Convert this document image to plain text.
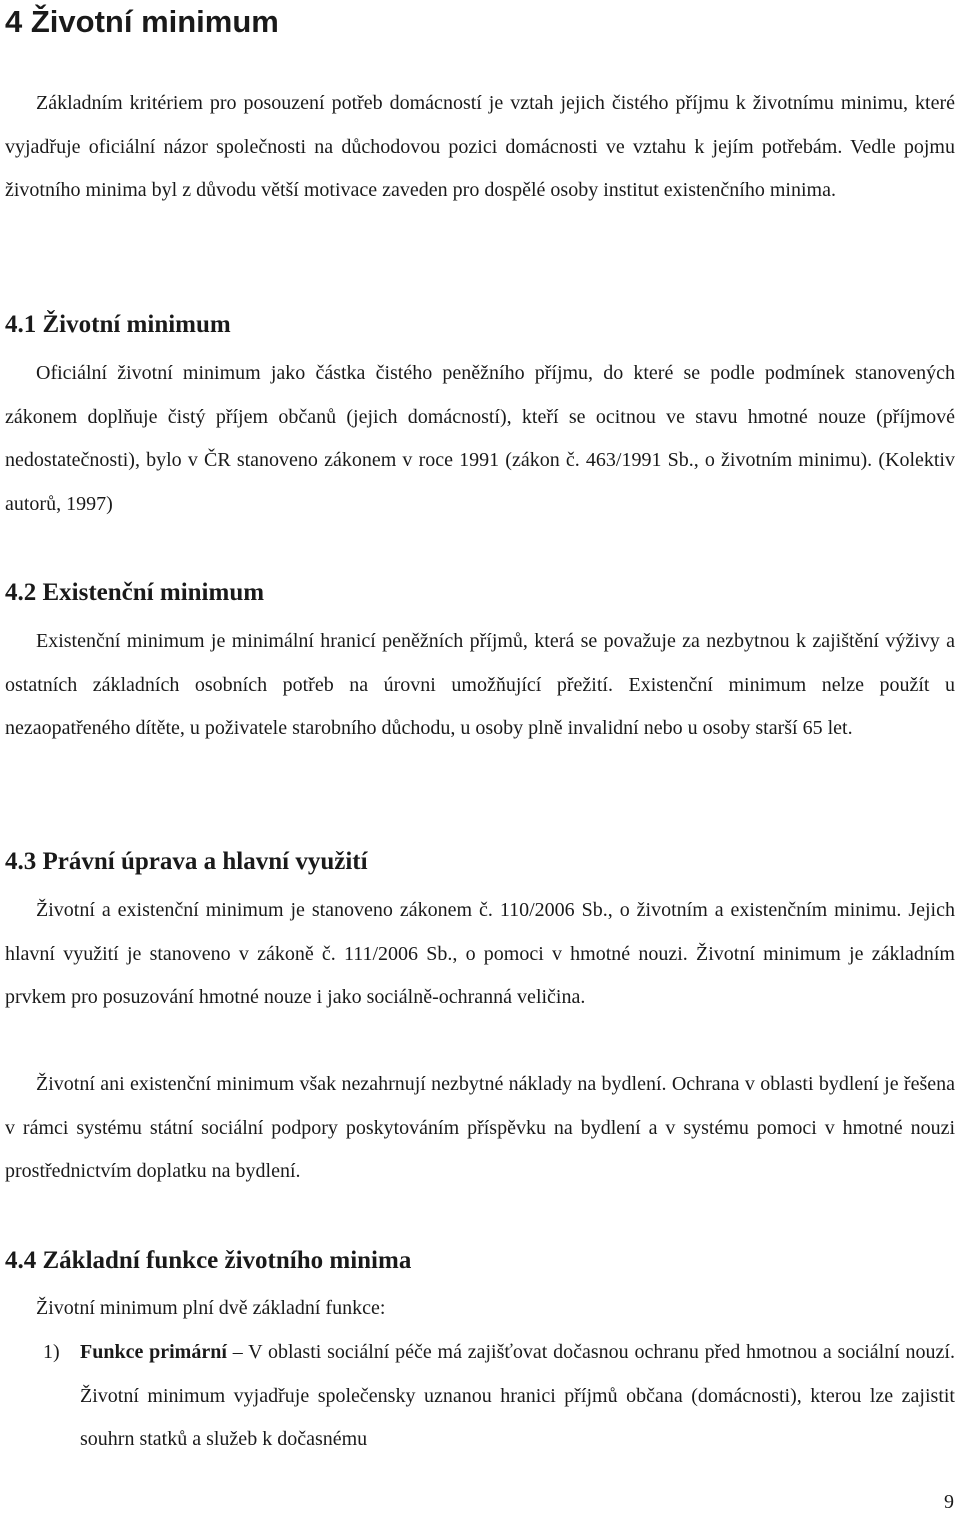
4 Životní minimum

Základním kritériem pro posouzení potřeb domácností je vztah jejich čistého příjmu k životnímu minimu, které vyjadřuje oficiální názor společnosti na důchodovou pozici domácnosti ve vztahu k jejím potřebám. Vedle pojmu životního minima byl z důvodu větší motivace zaveden pro dospělé osoby institut existenčního minima.

4.1 Životní minimum

Oficiální životní minimum jako částka čistého peněžního příjmu, do které se podle podmínek stanovených zákonem doplňuje čistý příjem občanů (jejich domácností), kteří se ocitnou ve stavu hmotné nouze (příjmové nedostatečnosti), bylo v ČR stanoveno zákonem v roce 1991 (zákon č. 463/1991 Sb., o životním minimu). (Kolektiv autorů, 1997)

4.2 Existenční minimum

Existenční minimum je minimální hranicí peněžních příjmů, která se považuje za nezbytnou k zajištění výživy a ostatních základních osobních potřeb na úrovni umožňující přežití. Existenční minimum nelze použít u nezaopatřeného dítěte, u poživatele starobního důchodu, u osoby plně invalidní nebo u osoby starší 65 let.

4.3 Právní úprava a hlavní využití

Životní a existenční minimum je stanoveno zákonem č. 110/2006 Sb., o životním a existenčním minimu. Jejich hlavní využití je stanoveno v zákoně č. 111/2006 Sb., o pomoci v hmotné nouzi. Životní minimum je základním prvkem pro posuzování hmotné nouze i jako sociálně-ochranná veličina.

Životní ani existenční minimum však nezahrnují nezbytné náklady na bydlení. Ochrana v oblasti bydlení je řešena v rámci systému státní sociální podpory poskytováním příspěvku na bydlení a v systému pomoci v hmotné nouzi prostřednictvím doplatku na bydlení.

4.4 Základní funkce životního minima

Životní minimum plní dvě základní funkce:

1) Funkce primární – V oblasti sociální péče má zajišťovat dočasnou ochranu před hmotnou a sociální nouzí. Životní minimum vyjadřuje společensky uznanou hranici příjmů občana (domácnosti), kterou lze zajistit souhrn statků a služeb k dočasnému
9
